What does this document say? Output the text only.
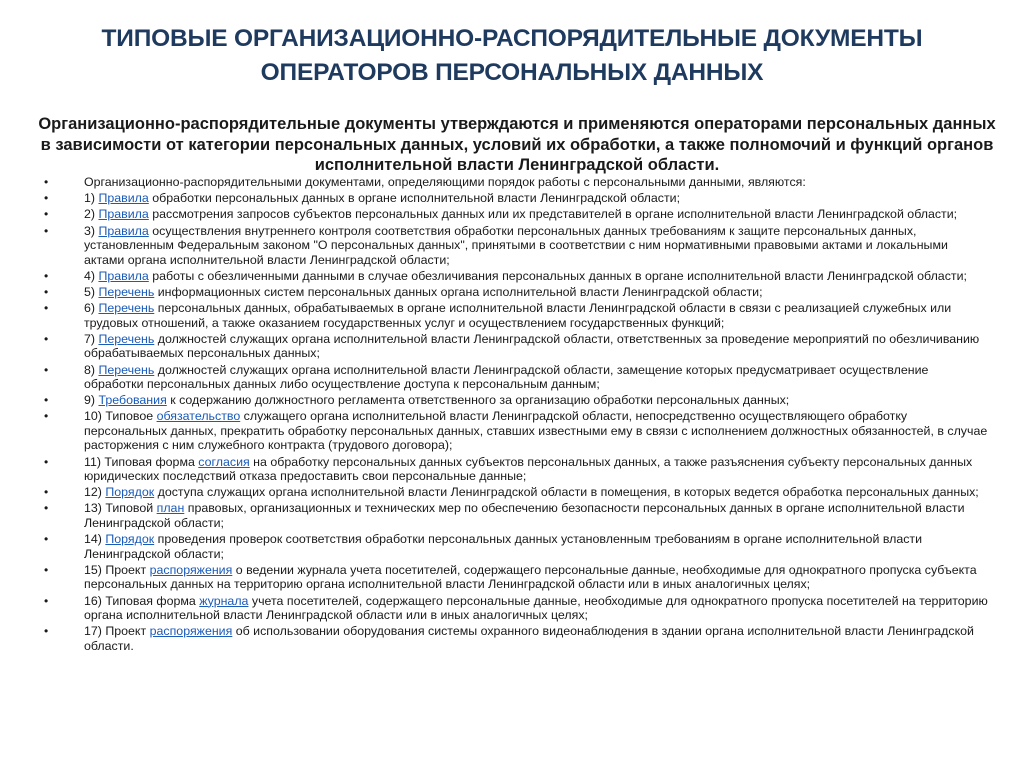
ТИПОВЫЕ ОРГАНИЗАЦИОННО-РАСПОРЯДИТЕЛЬНЫЕ ДОКУМЕНТЫ
ОПЕРАТОРОВ ПЕРСОНАЛЬНЫХ ДАННЫХ
Организационно-распорядительные документы утверждаются и применяются операторами персональных данных в зависимости от категории персональных данных, условий их обработки, а также полномочий и функций органов исполнительной власти Ленинградской области.
•	Организационно-распорядительными документами, определяющими порядок работы с персональными данными, являются:
•	1) Правила обработки персональных данных в органе исполнительной власти Ленинградской области;
•	2) Правила рассмотрения запросов субъектов персональных данных или их представителей в органе исполнительной власти Ленинградской области;
•	3) Правила осуществления внутреннего контроля соответствия обработки персональных данных требованиям к защите персональных данных, установленным Федеральным законом "О персональных данных", принятыми в соответствии с ним нормативными правовыми актами и локальными актами органа исполнительной власти Ленинградской области;
•	4) Правила работы с обезличенными данными в случае обезличивания персональных данных в органе исполнительной власти Ленинградской области;
•	5) Перечень информационных систем персональных данных органа исполнительной власти Ленинградской области;
•	6) Перечень персональных данных, обрабатываемых в органе исполнительной власти Ленинградской области в связи с реализацией служебных или трудовых отношений, а также оказанием государственных услуг и осуществлением государственных функций;
•	7) Перечень должностей служащих органа исполнительной власти Ленинградской области, ответственных за проведение мероприятий по обезличиванию обрабатываемых персональных данных;
•	8) Перечень должностей служащих органа исполнительной власти Ленинградской области, замещение которых предусматривает осуществление обработки персональных данных либо осуществление доступа к персональным данным;
•	9) Требования к содержанию должностного регламента ответственного за организацию обработки персональных данных;
•	10) Типовое обязательство служащего органа исполнительной власти Ленинградской области, непосредственно осуществляющего обработку персональных данных, прекратить обработку персональных данных, ставших известными ему в связи с исполнением должностных обязанностей, в случае расторжения с ним служебного контракта (трудового договора);
•	11) Типовая форма согласия на обработку персональных данных субъектов персональных данных, а также разъяснения субъекту персональных данных юридических последствий отказа предоставить свои персональные данные;
•	12) Порядок доступа служащих органа исполнительной власти Ленинградской области в помещения, в которых ведется обработка персональных данных;
•	13) Типовой план правовых, организационных и технических мер по обеспечению безопасности персональных данных в органе исполнительной власти Ленинградской области;
•	14) Порядок проведения проверок соответствия обработки персональных данных установленным требованиям в органе исполнительной власти Ленинградской области;
•	15) Проект распоряжения о ведении журнала учета посетителей, содержащего персональные данные, необходимые для однократного пропуска субъекта персональных данных на территорию органа исполнительной власти Ленинградской области или в иных аналогичных целях;
•	16) Типовая форма журнала учета посетителей, содержащего персональные данные, необходимые для однократного пропуска посетителей на территорию органа исполнительной власти Ленинградской области или в иных аналогичных целях;
•	17) Проект распоряжения об использовании оборудования системы охранного видеонаблюдения в здании органа исполнительной власти Ленинградской области.
